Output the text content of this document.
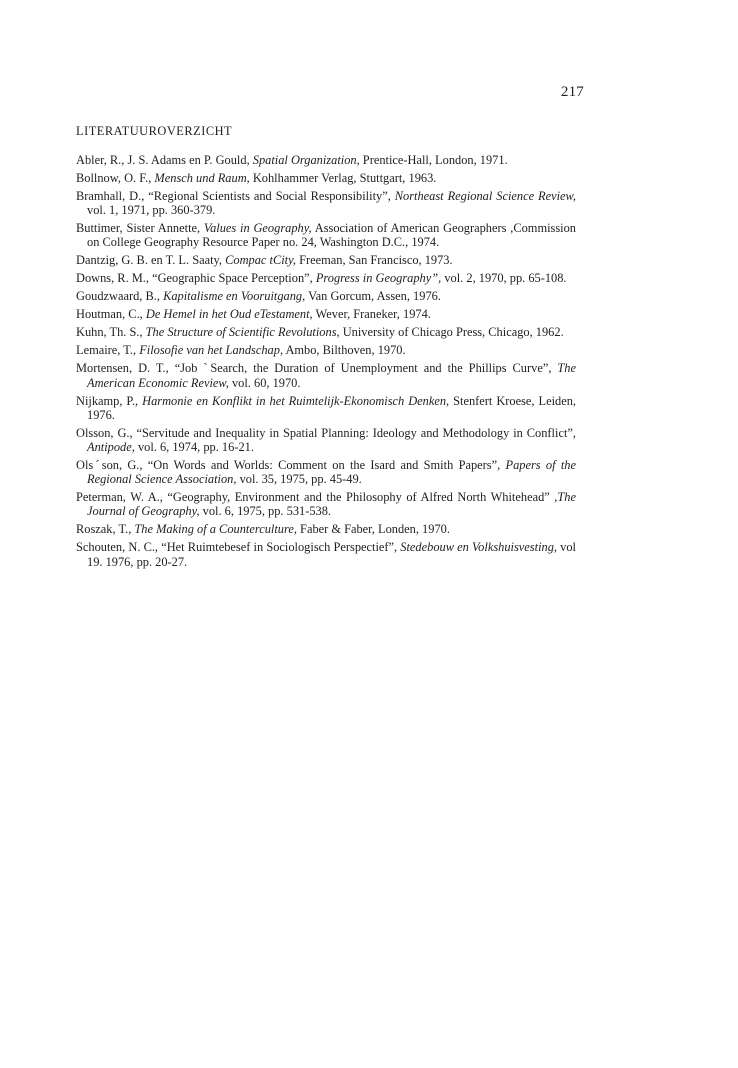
217
LITERATUUROVERZICHT
Abler, R., J. S. Adams en P. Gould, Spatial Organization, Prentice-Hall, London, 1971.
Bollnow, O. F., Mensch und Raum, Kohlhammer Verlag, Stuttgart, 1963.
Bramhall, D., “Regional Scientists and Social Responsibility”, Northeast Regional Science Review, vol. 1, 1971, pp. 360-379.
Buttimer, Sister Annette, Values in Geography, Association of American Geographers ,Commission on College Geography Resource Paper no. 24, Washington D.C., 1974.
Dantzig, G. B. en T. L. Saaty, Compac tCity, Freeman, San Francisco, 1973.
Downs, R. M., “Geographic Space Perception”, Progress in Geography”, vol. 2, 1970, pp. 65-108.
Goudzwaard, B., Kapitalisme en Vooruitgang, Van Gorcum, Assen, 1976.
Houtman, C., De Hemel in het Oud eTestament, Wever, Franeker, 1974.
Kuhn, Th. S., The Structure of Scientific Revolutions, University of Chicago Press, Chicago, 1962.
Lemaire, T., Filosofie van het Landschap, Ambo, Bilthoven, 1970.
Mortensen, D. T., “Job ˋSearch, the Duration of Unemployment and the Phillips Curve”, The American Economic Review, vol. 60, 1970.
Nijkamp, P., Harmonie en Konflikt in het Ruimtelijk-Ekonomisch Denken, Stenfert Kroese, Leiden, 1976.
Olsson, G., “Servitude and Inequality in Spatial Planning: Ideology and Methodology in Conflict”, Antipode, vol. 6, 1974, pp. 16-21.
Olsˊson, G., “On Words and Worlds: Comment on the Isard and Smith Papers”, Papers of the Regional Science Association, vol. 35, 1975, pp. 45-49.
Peterman, W. A., “Geography, Environment and the Philosophy of Alfred North Whitehead” ,The Journal of Geography, vol. 6, 1975, pp. 531-538.
Roszak, T., The Making of a Counterculture, Faber & Faber, Londen, 1970.
Schouten, N. C., “Het Ruimtebesef in Sociologisch Perspectief”, Stedebouw en Volkshuisvesting, vol 19. 1976, pp. 20-27.
